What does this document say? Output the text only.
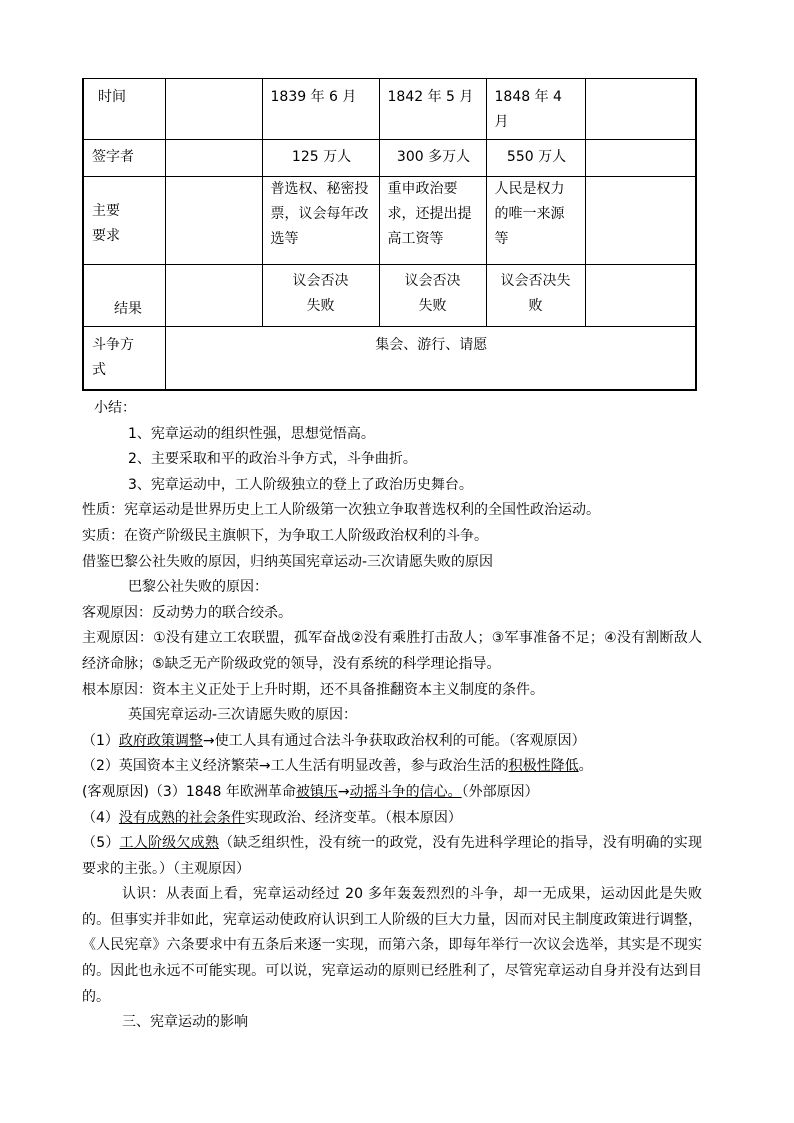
时间		1839 年 6 月	1842 年 5 月	1848 年 4 月	

签字者		125 万人	300 多万人	550 万人	

主要要求		普选权、秘密投票，议会每年改选等	重申政治要求，还提出提高工资等	人民是权力的唯一来源等	

结果		议会否决失败	议会否决失败	议会否决失败	

斗争方式	集会、游行、请愿				

小结：

1、宪章运动的组织性强，思想觉悟高。

2、主要采取和平的政治斗争方式，斗争曲折。

3、宪章运动中，工人阶级独立的登上了政治历史舞台。

性质：宪章运动是世界历史上工人阶级第一次独立争取普选权利的全国性政治运动。

实质：在资产阶级民主旗帜下，为争取工人阶级政治权利的斗争。

借鉴巴黎公社失败的原因，归纳英国宪章运动-三次请愿失败的原因

巴黎公社失败的原因：

客观原因：反动势力的联合绞杀。

主观原因：①没有建立工农联盟，孤军奋战②没有乘胜打击敌人；③军事准备不足；④没有割断敌人经济命脉；⑤缺乏无产阶级政党的领导，没有系统的科学理论指导。

根本原因：资本主义正处于上升时期，还不具备推翻资本主义制度的条件。

英国宪章运动-三次请愿失败的原因：

（1）政府政策调整→使工人具有通过合法斗争获取政治权利的可能。（客观原因）

（2）英国资本主义经济繁荣→工人生活有明显改善，参与政治生活的积极性降低。

(客观原因)（3）1848 年欧洲革命被镇压→动摇斗争的信心。（外部原因）

（4）没有成熟的社会条件实现政治、经济变革。（根本原因）

（5）工人阶级欠成熟（缺乏组织性，没有统一的政党，没有先进科学理论的指导，没有明确的实现要求的主张。）（主观原因）

认识：从表面上看，宪章运动经过 20 多年轰轰烈烈的斗争，却一无成果，运动因此是失败的。但事实并非如此，宪章运动使政府认识到工人阶级的巨大力量，因而对民主制度政策进行调整，《人民宪章》六条要求中有五条后来逐一实现，而第六条，即每年举行一次议会选举，其实是不现实的。因此也永远不可能实现。可以说，宪章运动的原则已经胜利了，尽管宪章运动自身并没有达到目的。

三、宪章运动的影响
